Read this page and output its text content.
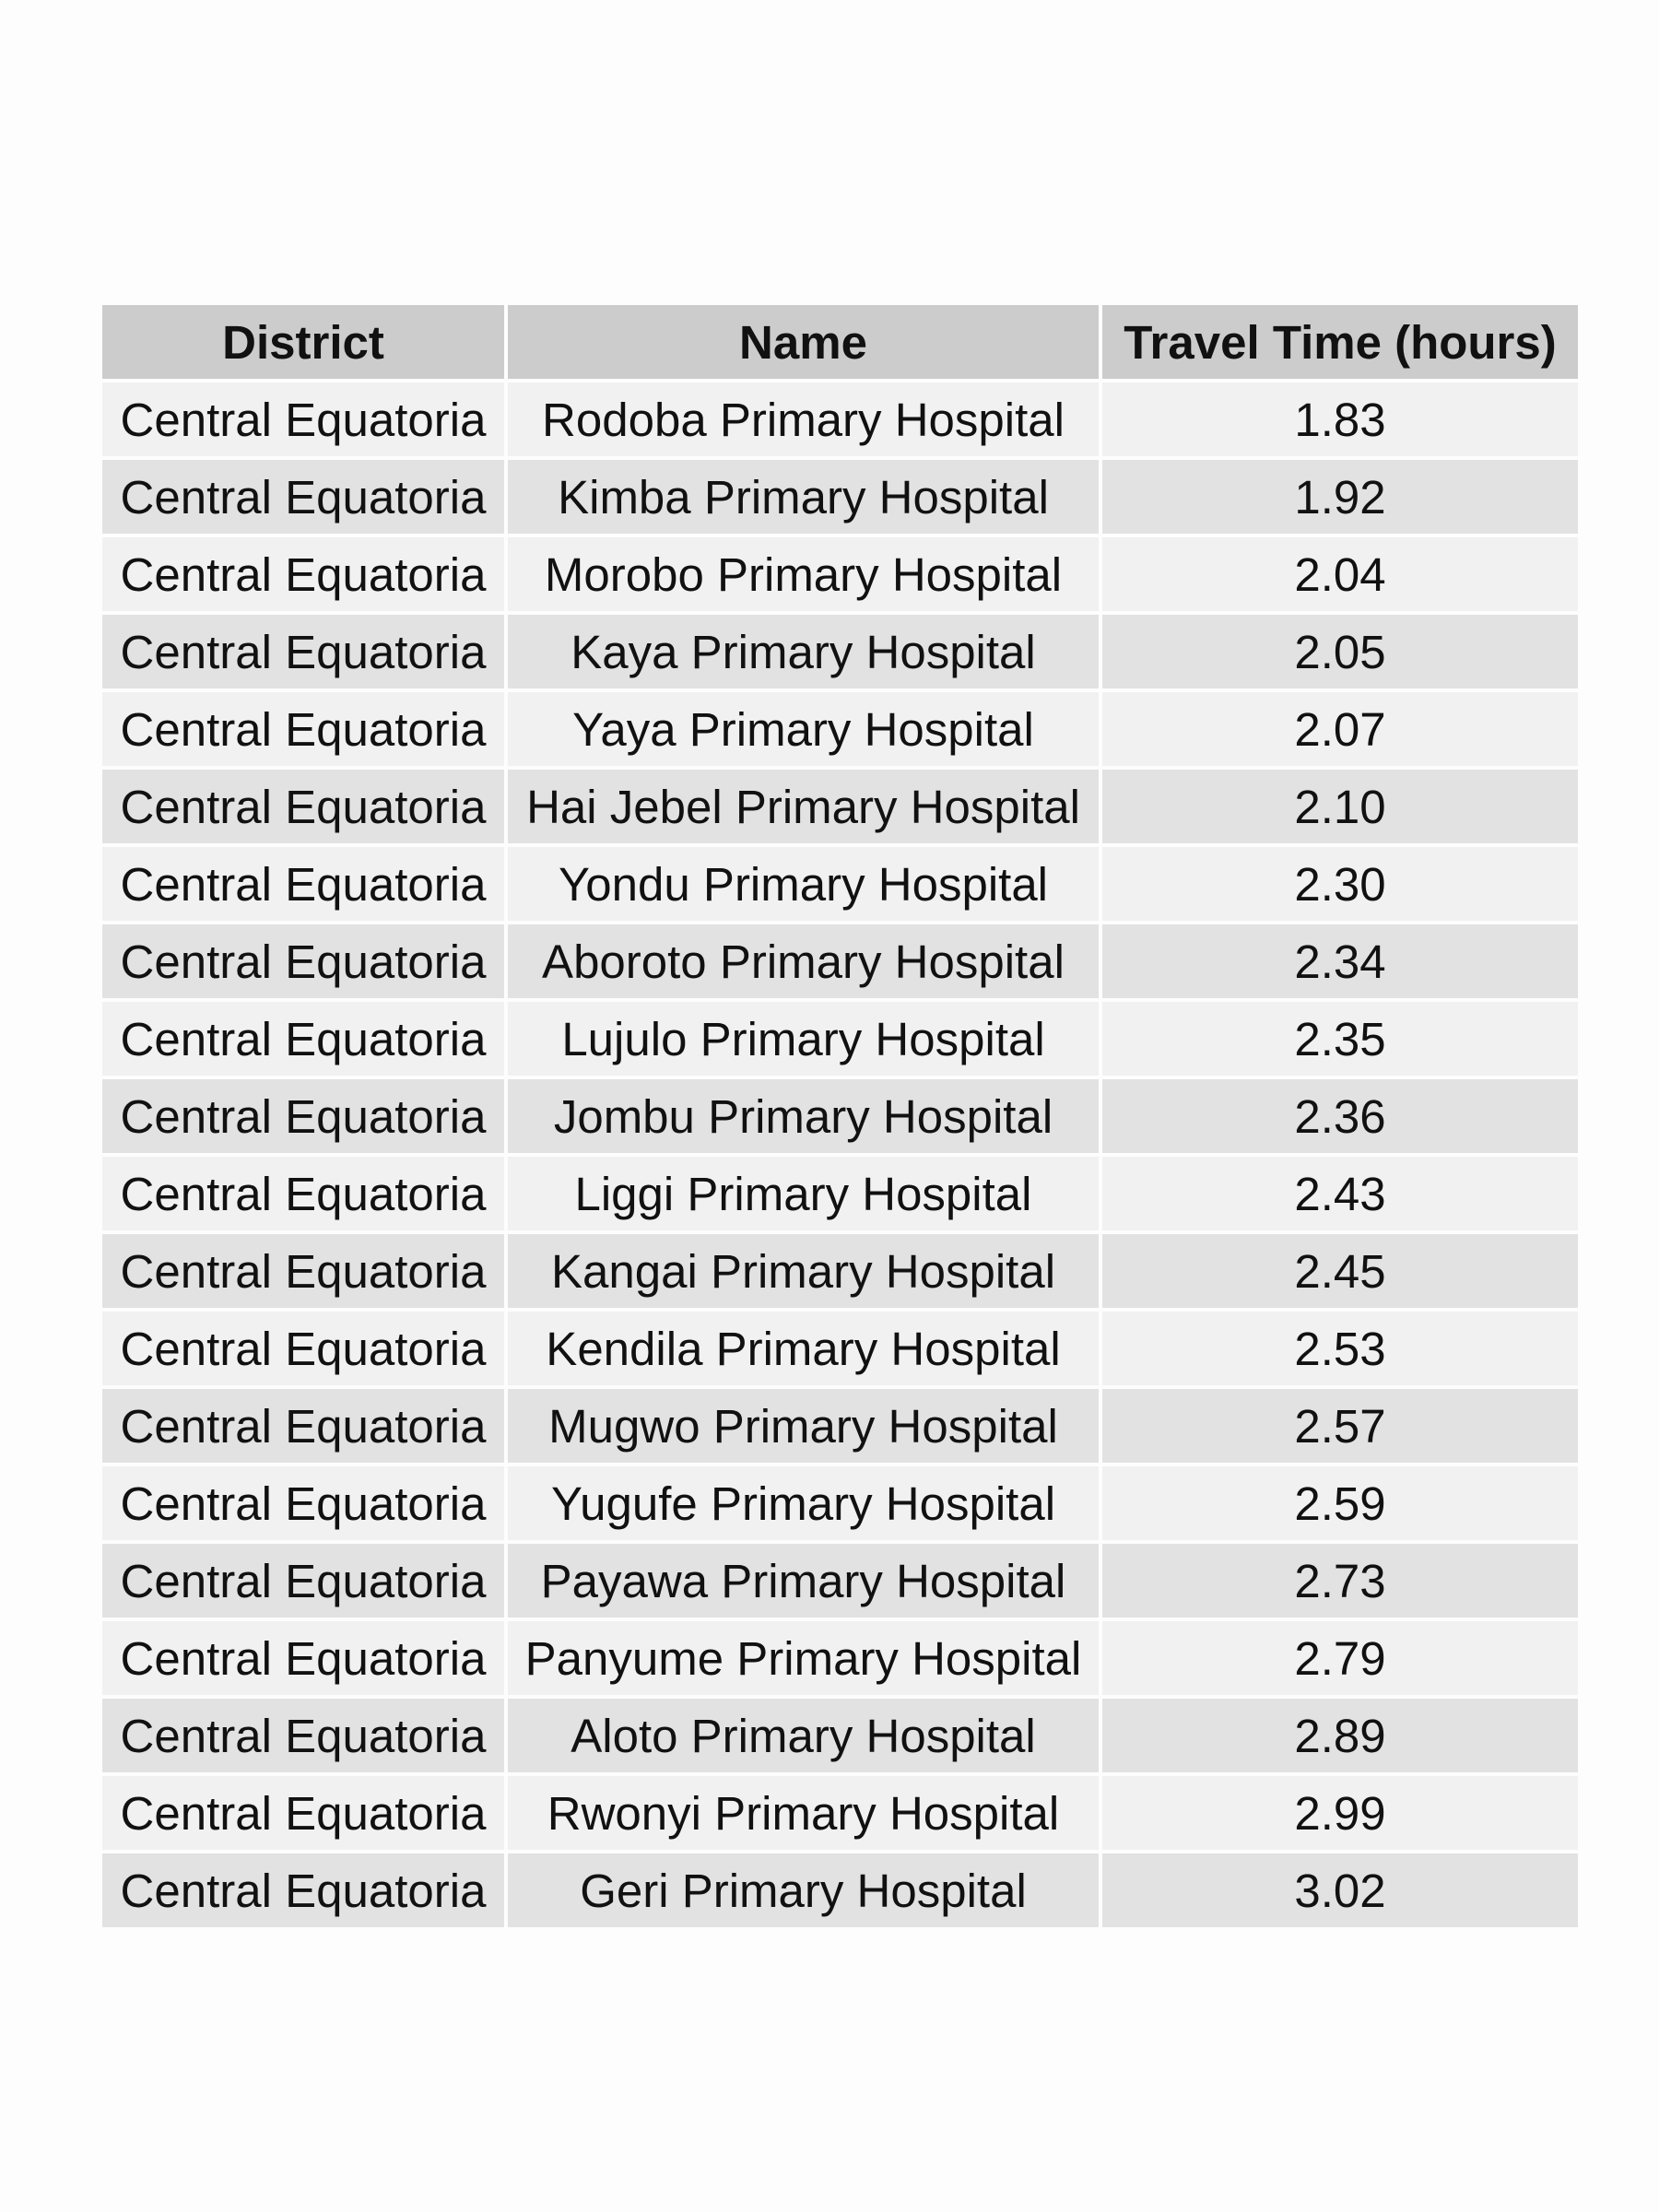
District	Name	Travel Time (hours)
Central Equatoria	Rodoba Primary Hospital	1.83
Central Equatoria	Kimba Primary Hospital	1.92
Central Equatoria	Morobo Primary Hospital	2.04
Central Equatoria	Kaya Primary Hospital	2.05
Central Equatoria	Yaya Primary Hospital	2.07
Central Equatoria	Hai Jebel Primary Hospital	2.10
Central Equatoria	Yondu Primary Hospital	2.30
Central Equatoria	Aboroto Primary Hospital	2.34
Central Equatoria	Lujulo Primary Hospital	2.35
Central Equatoria	Jombu Primary Hospital	2.36
Central Equatoria	Liggi Primary Hospital	2.43
Central Equatoria	Kangai Primary Hospital	2.45
Central Equatoria	Kendila Primary Hospital	2.53
Central Equatoria	Mugwo Primary Hospital	2.57
Central Equatoria	Yugufe Primary Hospital	2.59
Central Equatoria	Payawa Primary Hospital	2.73
Central Equatoria	Panyume Primary Hospital	2.79
Central Equatoria	Aloto Primary Hospital	2.89
Central Equatoria	Rwonyi Primary Hospital	2.99
Central Equatoria	Geri Primary Hospital	3.02
